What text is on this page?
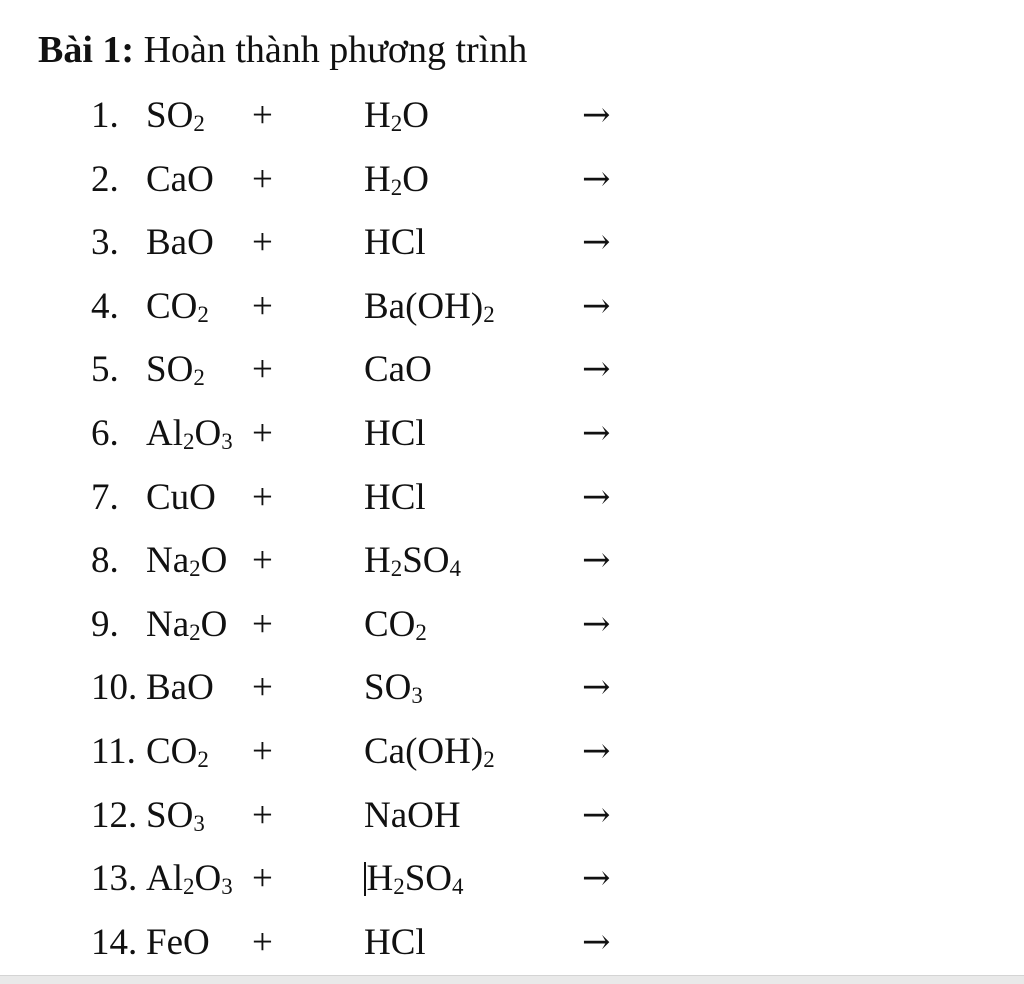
Bài 1: Hoàn thành phương trình
1. $SO_2 + H_2O$	→
2. CaO + $H_2O$	→
3. BaO + HCl	→
4. $CO_2 + Ba(OH)_2$	→
5. $SO_2$ + CaO	→
6. $Al_2O_3$ + HCl	→
7. CuO + HCl	→
8. $Na_2O + H_2SO_4$	→
9. $Na_2O + CO_2$	→
10. BaO + $SO_3$	→
11. $CO_2 + Ca(OH)_2$	→
12. $SO_3$ + NaOH	→
13. $Al_2O_3$ +	$H_2SO_4$	→
14. FeO + HCl	→
